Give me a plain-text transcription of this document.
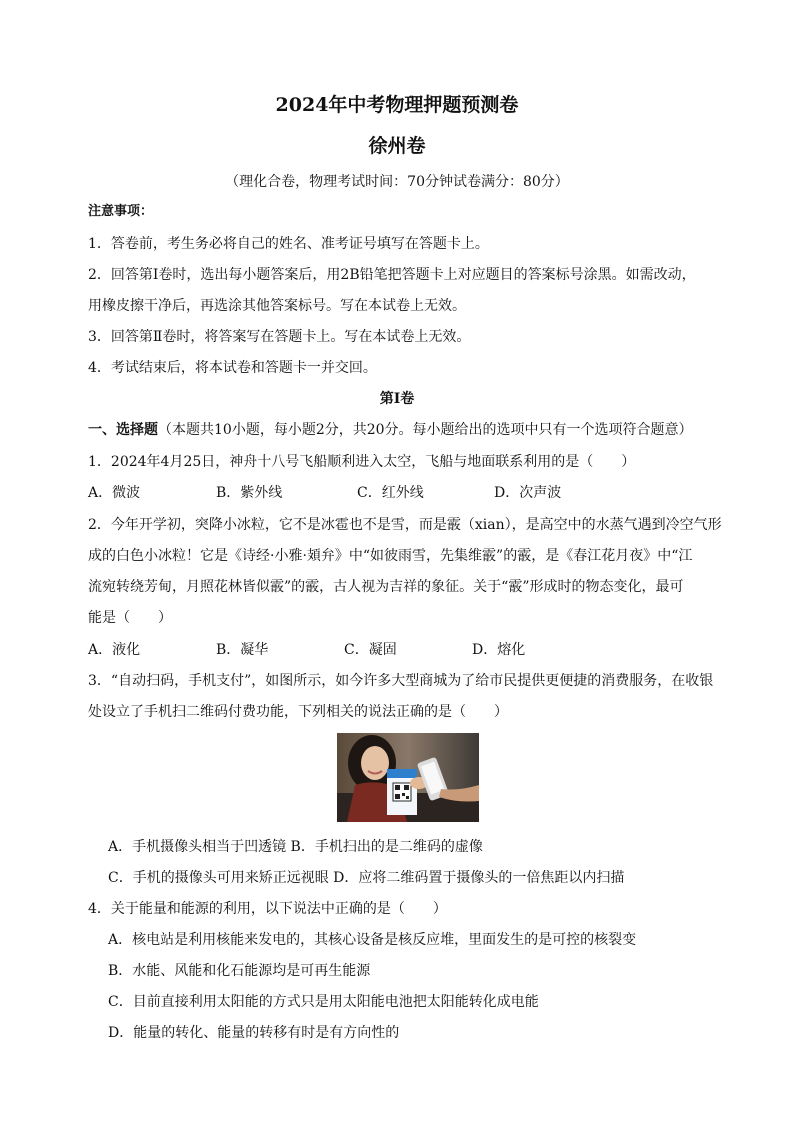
2024年中考物理押题预测卷
徐州卷
（理化合卷，物理考试时间：70分钟试卷满分：80分）
注意事项：
1．答卷前，考生务必将自己的姓名、准考证号填写在答题卡上。
2．回答第Ⅰ卷时，选出每小题答案后，用2B铅笔把答题卡上对应题目的答案标号涂黑。如需改动，
用橡皮擦干净后，再选涂其他答案标号。写在本试卷上无效。
3．回答第Ⅱ卷时，将答案写在答题卡上。写在本试卷上无效。
4．考试结束后，将本试卷和答题卡一并交回。
第Ⅰ卷
一、选择题（本题共10小题，每小题2分，共20分。每小题给出的选项中只有一个选项符合题意）
1．2024年4月25日，神舟十八号飞船顺利进入太空，飞船与地面联系利用的是（　　）
A．微波	B．紫外线	C．红外线	D．次声波
2．今年开学初，突降小冰粒，它不是冰雹也不是雪，而是霰（xian），是高空中的水蒸气遇到冷空气形
成的白色小冰粒！它是《诗经·小雅·頍弁》中“如彼雨雪，先集维霰”的霰，是《春江花月夜》中“江
流宛转绕芳甸，月照花林皆似霰”的霰，古人视为吉祥的象征。关于“霰”形成时的物态变化，最可
能是（　　）
A．液化	B．凝华	C．凝固	D．熔化
3．“自动扫码，手机支付”，如图所示，如今许多大型商城为了给市民提供更便捷的消费服务，在收银
处设立了手机扫二维码付费功能，下列相关的说法正确的是（　　）
A．手机摄像头相当于凹透镜 B．手机扫出的是二维码的虚像
C．手机的摄像头可用来矫正远视眼 D．应将二维码置于摄像头的一倍焦距以内扫描
4．关于能量和能源的利用，以下说法中正确的是（　　）
A．核电站是利用核能来发电的，其核心设备是核反应堆，里面发生的是可控的核裂变
B．水能、风能和化石能源均是可再生能源
C．目前直接利用太阳能的方式只是用太阳能电池把太阳能转化成电能
D．能量的转化、能量的转移有时是有方向性的
